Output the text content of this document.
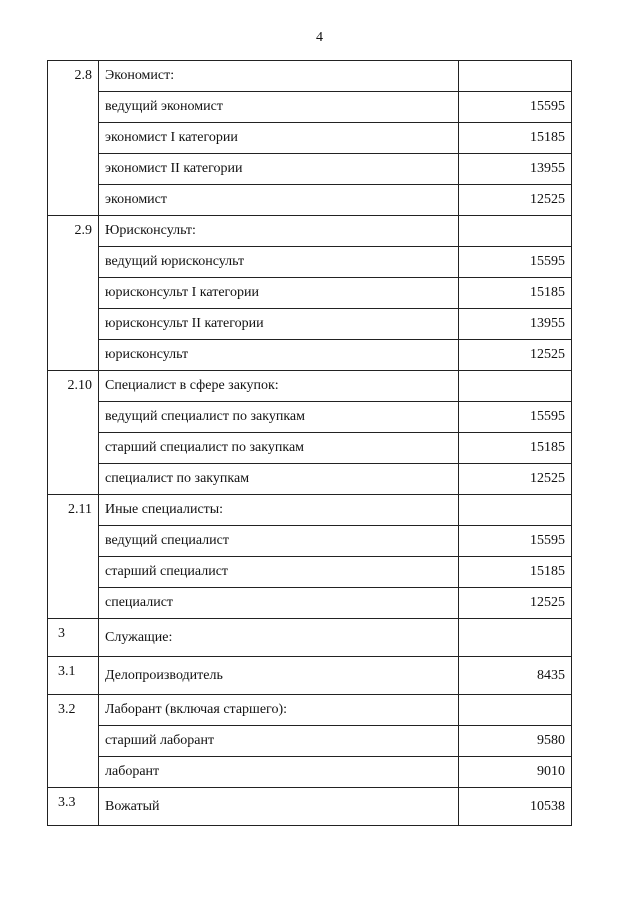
4
2.8	Экономист:	
	ведущий экономист	15595
	экономист I категории	15185
	экономист II категории	13955
	экономист	12525
2.9	Юрисконсульт:	
	ведущий юрисконсульт	15595
	юрисконсульт I категории	15185
	юрисконсульт II категории	13955
	юрисконсульт	12525
2.10	Специалист в сфере закупок:	
	ведущий специалист по закупкам	15595
	старший специалист по закупкам	15185
	специалист по закупкам	12525
2.11	Иные специалисты:	
	ведущий специалист	15595
	старший специалист	15185
	специалист	12525
3	Служащие:	
3.1	Делопроизводитель	8435
3.2	Лаборант (включая старшего):	
	старший лаборант	9580
	лаборант	9010
3.3	Вожатый	10538
